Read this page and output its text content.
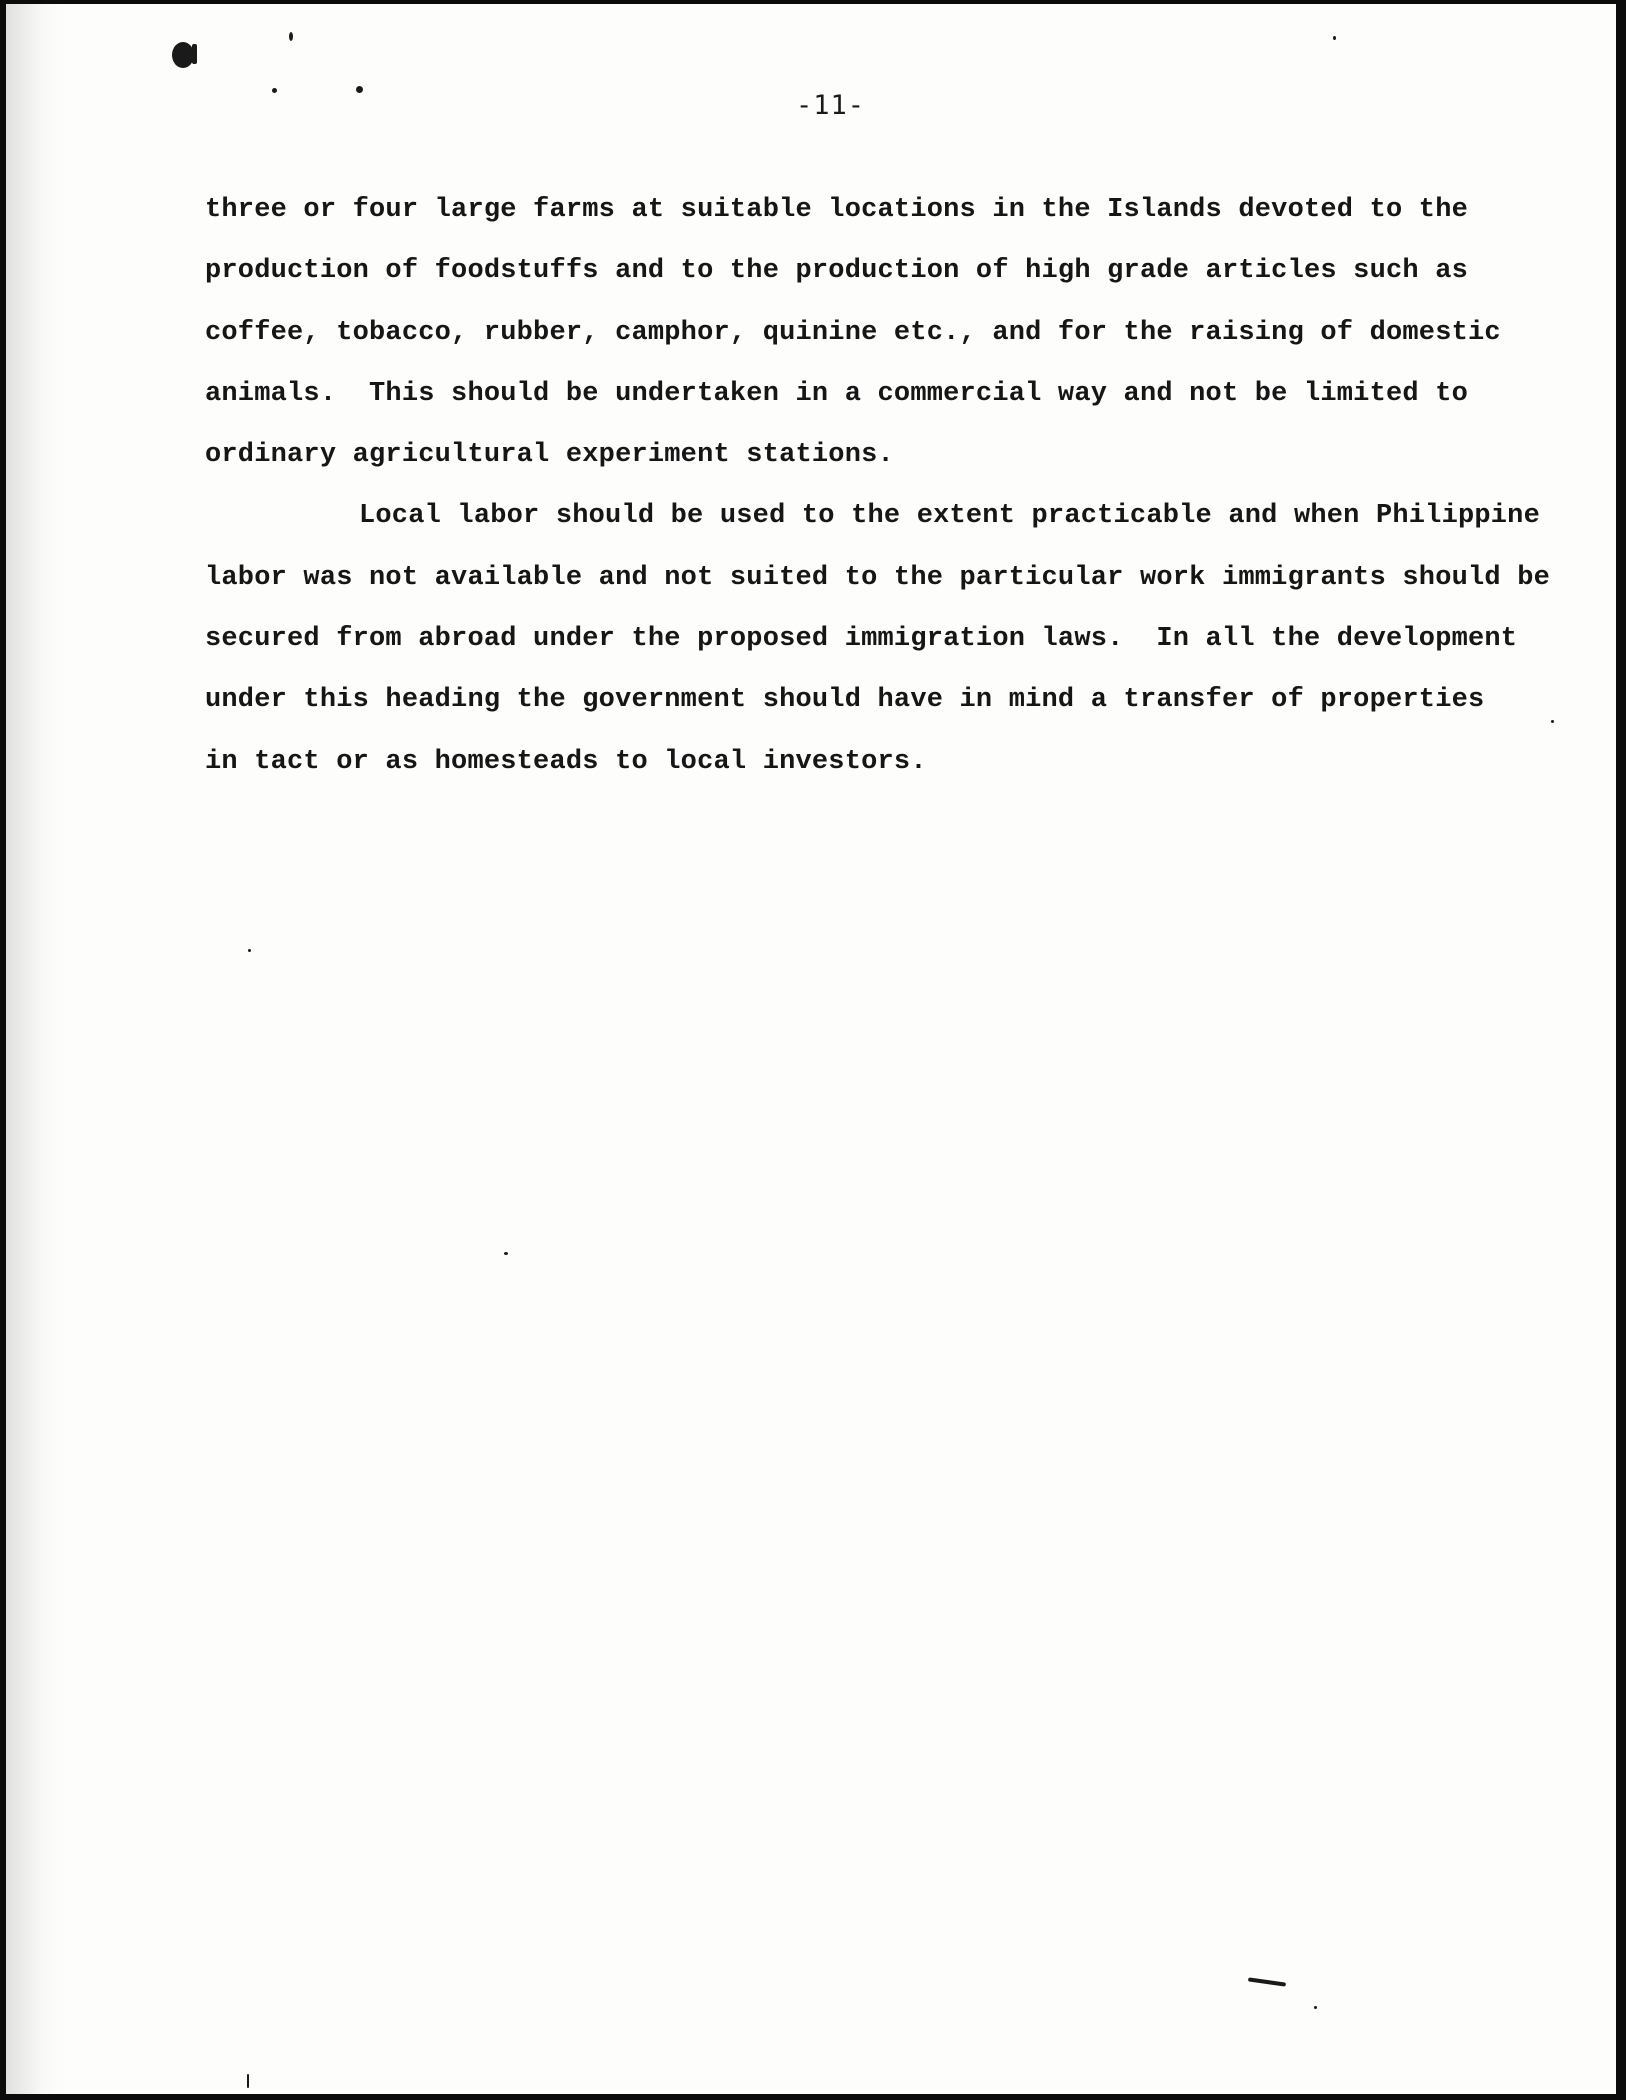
-11-
three or four large farms at suitable locations in the Islands devoted to the
production of foodstuffs and to the production of high grade articles such as
coffee, tobacco, rubber, camphor, quinine etc., and for the raising of domestic
animals.  This should be undertaken in a commercial way and not be limited to
ordinary agricultural experiment stations.
Local labor should be used to the extent practicable and when Philippine
labor was not available and not suited to the particular work immigrants should be
secured from abroad under the proposed immigration laws.  In all the development
under this heading the government should have in mind a transfer of properties
in tact or as homesteads to local investors.
